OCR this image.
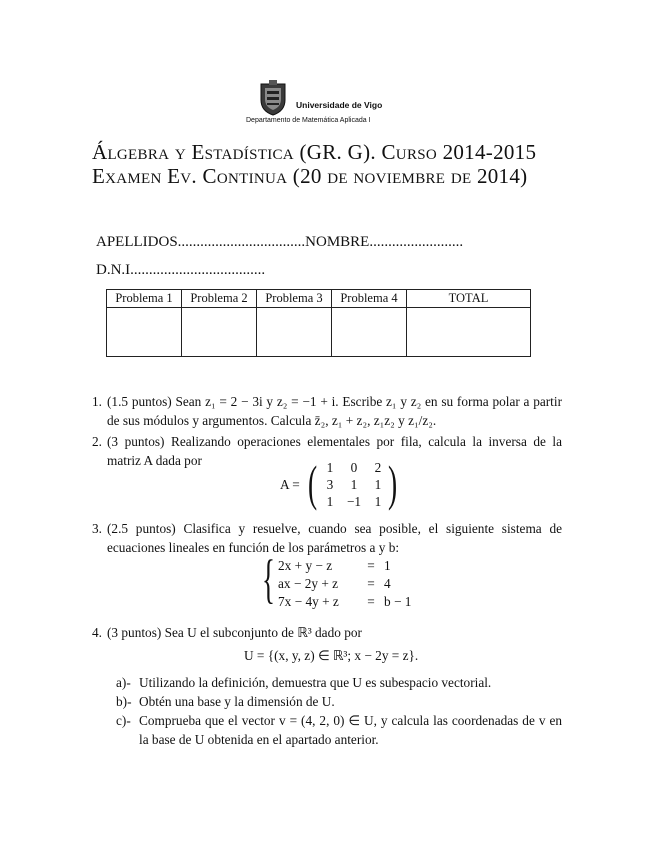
Universidade de Vigo
Departamento de Matemática Aplicada I
Álgebra y Estadística (GR. G). Curso 2014-2015
Examen Ev. Continua (20 de noviembre de 2014)
APELLIDOS..................................NOMBRE.........................
D.N.I....................................
Problema 1	Problema 2	Problema 3	Problema 4	TOTAL

1. (1.5 puntos) Sean z₁ = 2 − 3i y z₂ = −1 + i. Escribe z₁ y z₂ en su forma polar a partir de sus módulos y argumentos. Calcula z̄₂, z₁ + z₂, z₁z₂ y z₁/z₂.
2. (3 puntos) Realizando operaciones elementales por fila, calcula la inversa de la matriz A dada por
A = ( 1	0	2
3	1	1
1	−1	1 )
3. (2.5 puntos) Clasifica y resuelve, cuando sea posible, el siguiente sistema de ecuaciones lineales en función de los parámetros a y b:
{ 2x + y − z	= 1
ax − 2y + z = 4
7x − 4y + z = b − 1
4. (3 puntos) Sea U el subconjunto de ℝ³ dado por
U = {(x, y, z) ∈ ℝ³; x − 2y = z}.
a)- Utilizando la definición, demuestra que U es subespacio vectorial.
b)- Obtén una base y la dimensión de U.
c)- Comprueba que el vector v = (4, 2, 0) ∈ U, y calcula las coordenadas de v en la base de U obtenida en el apartado anterior.
